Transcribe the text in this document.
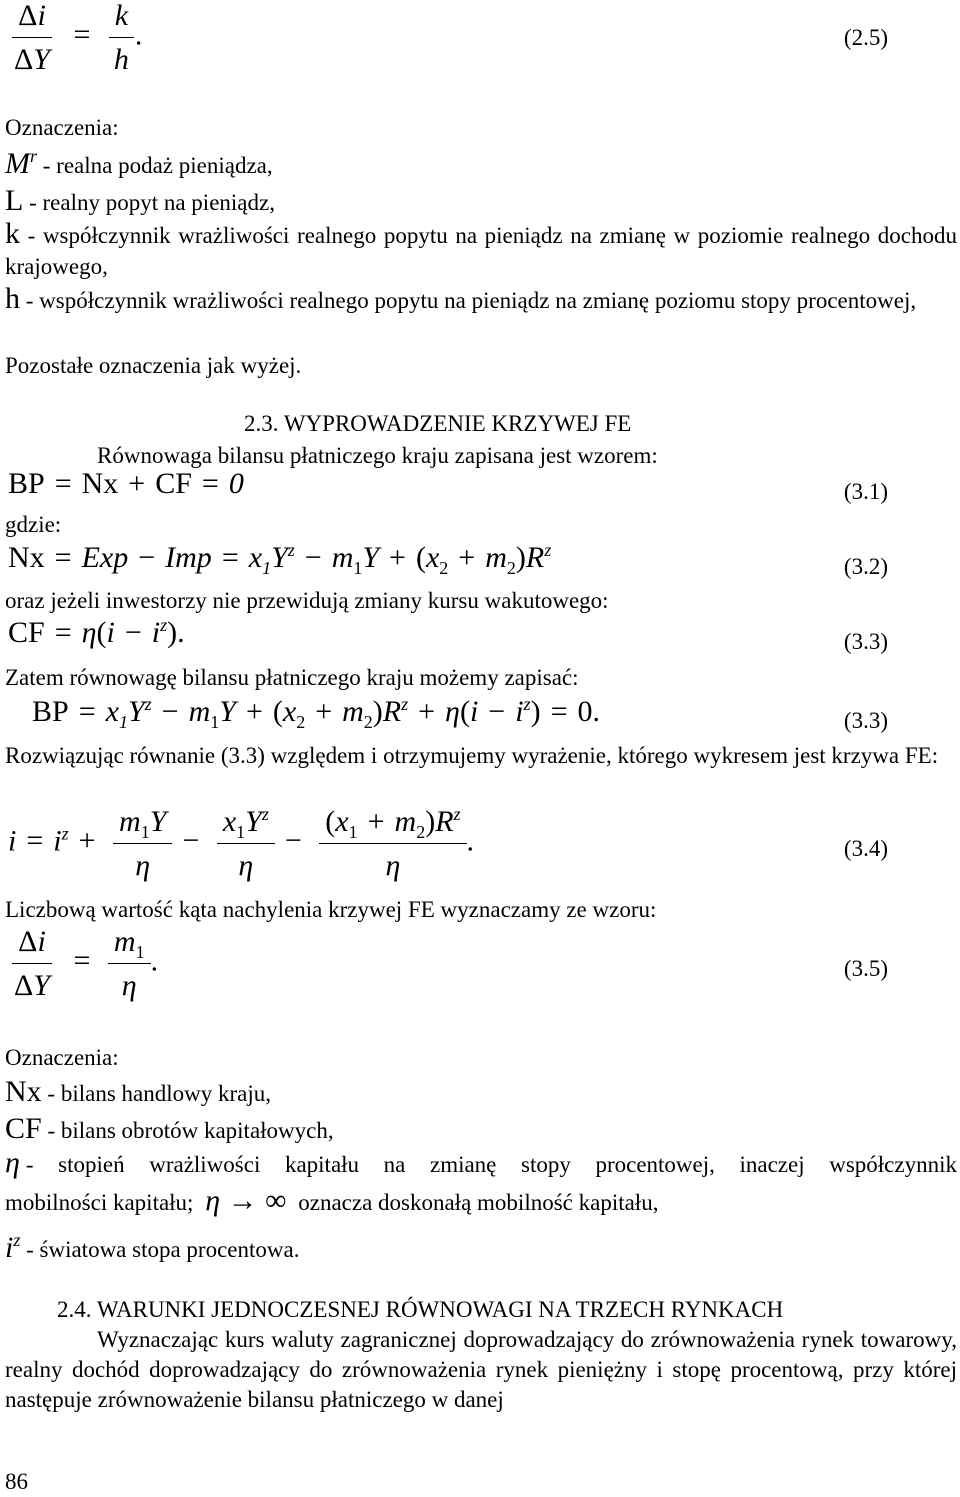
$\frac{\Delta i}{\Delta Y} = \frac{k}{h}$ .	(2.5)
Oznaczenia:
$M^r$ - realna podaż pieniądza,
L - realny popyt na pieniądz,
k - współczynnik wrażliwości realnego popytu na pieniądz na zmianę w poziomie realnego dochodu krajowego,
h - współczynnik wrażliwości realnego popytu na pieniądz na zmianę poziomu stopy procentowej,
Pozostałe oznaczenia jak wyżej.
2.3. WYPROWADZENIE KRZYWEJ FE
Równowaga bilansu płatniczego kraju zapisana jest wzorem:
BP = Nx + CF = 0	(3.1)
gdzie:
Nx = Exp − Imp = $x_1Y^z - m_1Y + (x_2 + m_2)R^z$
(3.2)
oraz jeżeli inwestorzy nie przewidują zmiany kursu wakutowego:
CF = $\eta(i - i^z)$.	(3.3)
Zatem równowagę bilansu płatniczego kraju możemy zapisać:
BP = $x_1Y^z - m_1Y + (x_2 + m_2)R^z + \eta(i - i^z) = 0$.	(3.3)
Rozwiązując równanie (3.3) względem i otrzymujemy wyrażenie, którego wykresem jest krzywa FE:
$i = i^z + \frac{m_1Y}{\eta} - \frac{x_1Y^z}{\eta} - \frac{(x_1 + m_2)R^z}{\eta}$ .	(3.4)
Liczbową wartość kąta nachylenia krzywej FE wyznaczamy ze wzoru:
$\frac{\Delta i}{\Delta Y} = \frac{m_1}{\eta}$ .	(3.5)
Oznaczenia:
Nx - bilans handlowy kraju,
CF - bilans obrotów kapitałowych,
η - stopień wrażliwości kapitału na zmianę stopy procentowej, inaczej współczynnik
mobilności kapitału; η → ∞ oznacza doskonałą mobilność kapitału,
$i^z$ - światowa stopa procentowa.
2.4. WARUNKI JEDNOCZESNEJ RÓWNOWAGI NA TRZECH RYNKACH
Wyznaczając kurs waluty zagranicznej doprowadzający do zrównoważenia rynek towarowy, realny dochód doprowadzający do zrównoważenia rynek pieniężny i stopę procentową, przy której następuje zrównoważenie bilansu płatniczego w danej
86
